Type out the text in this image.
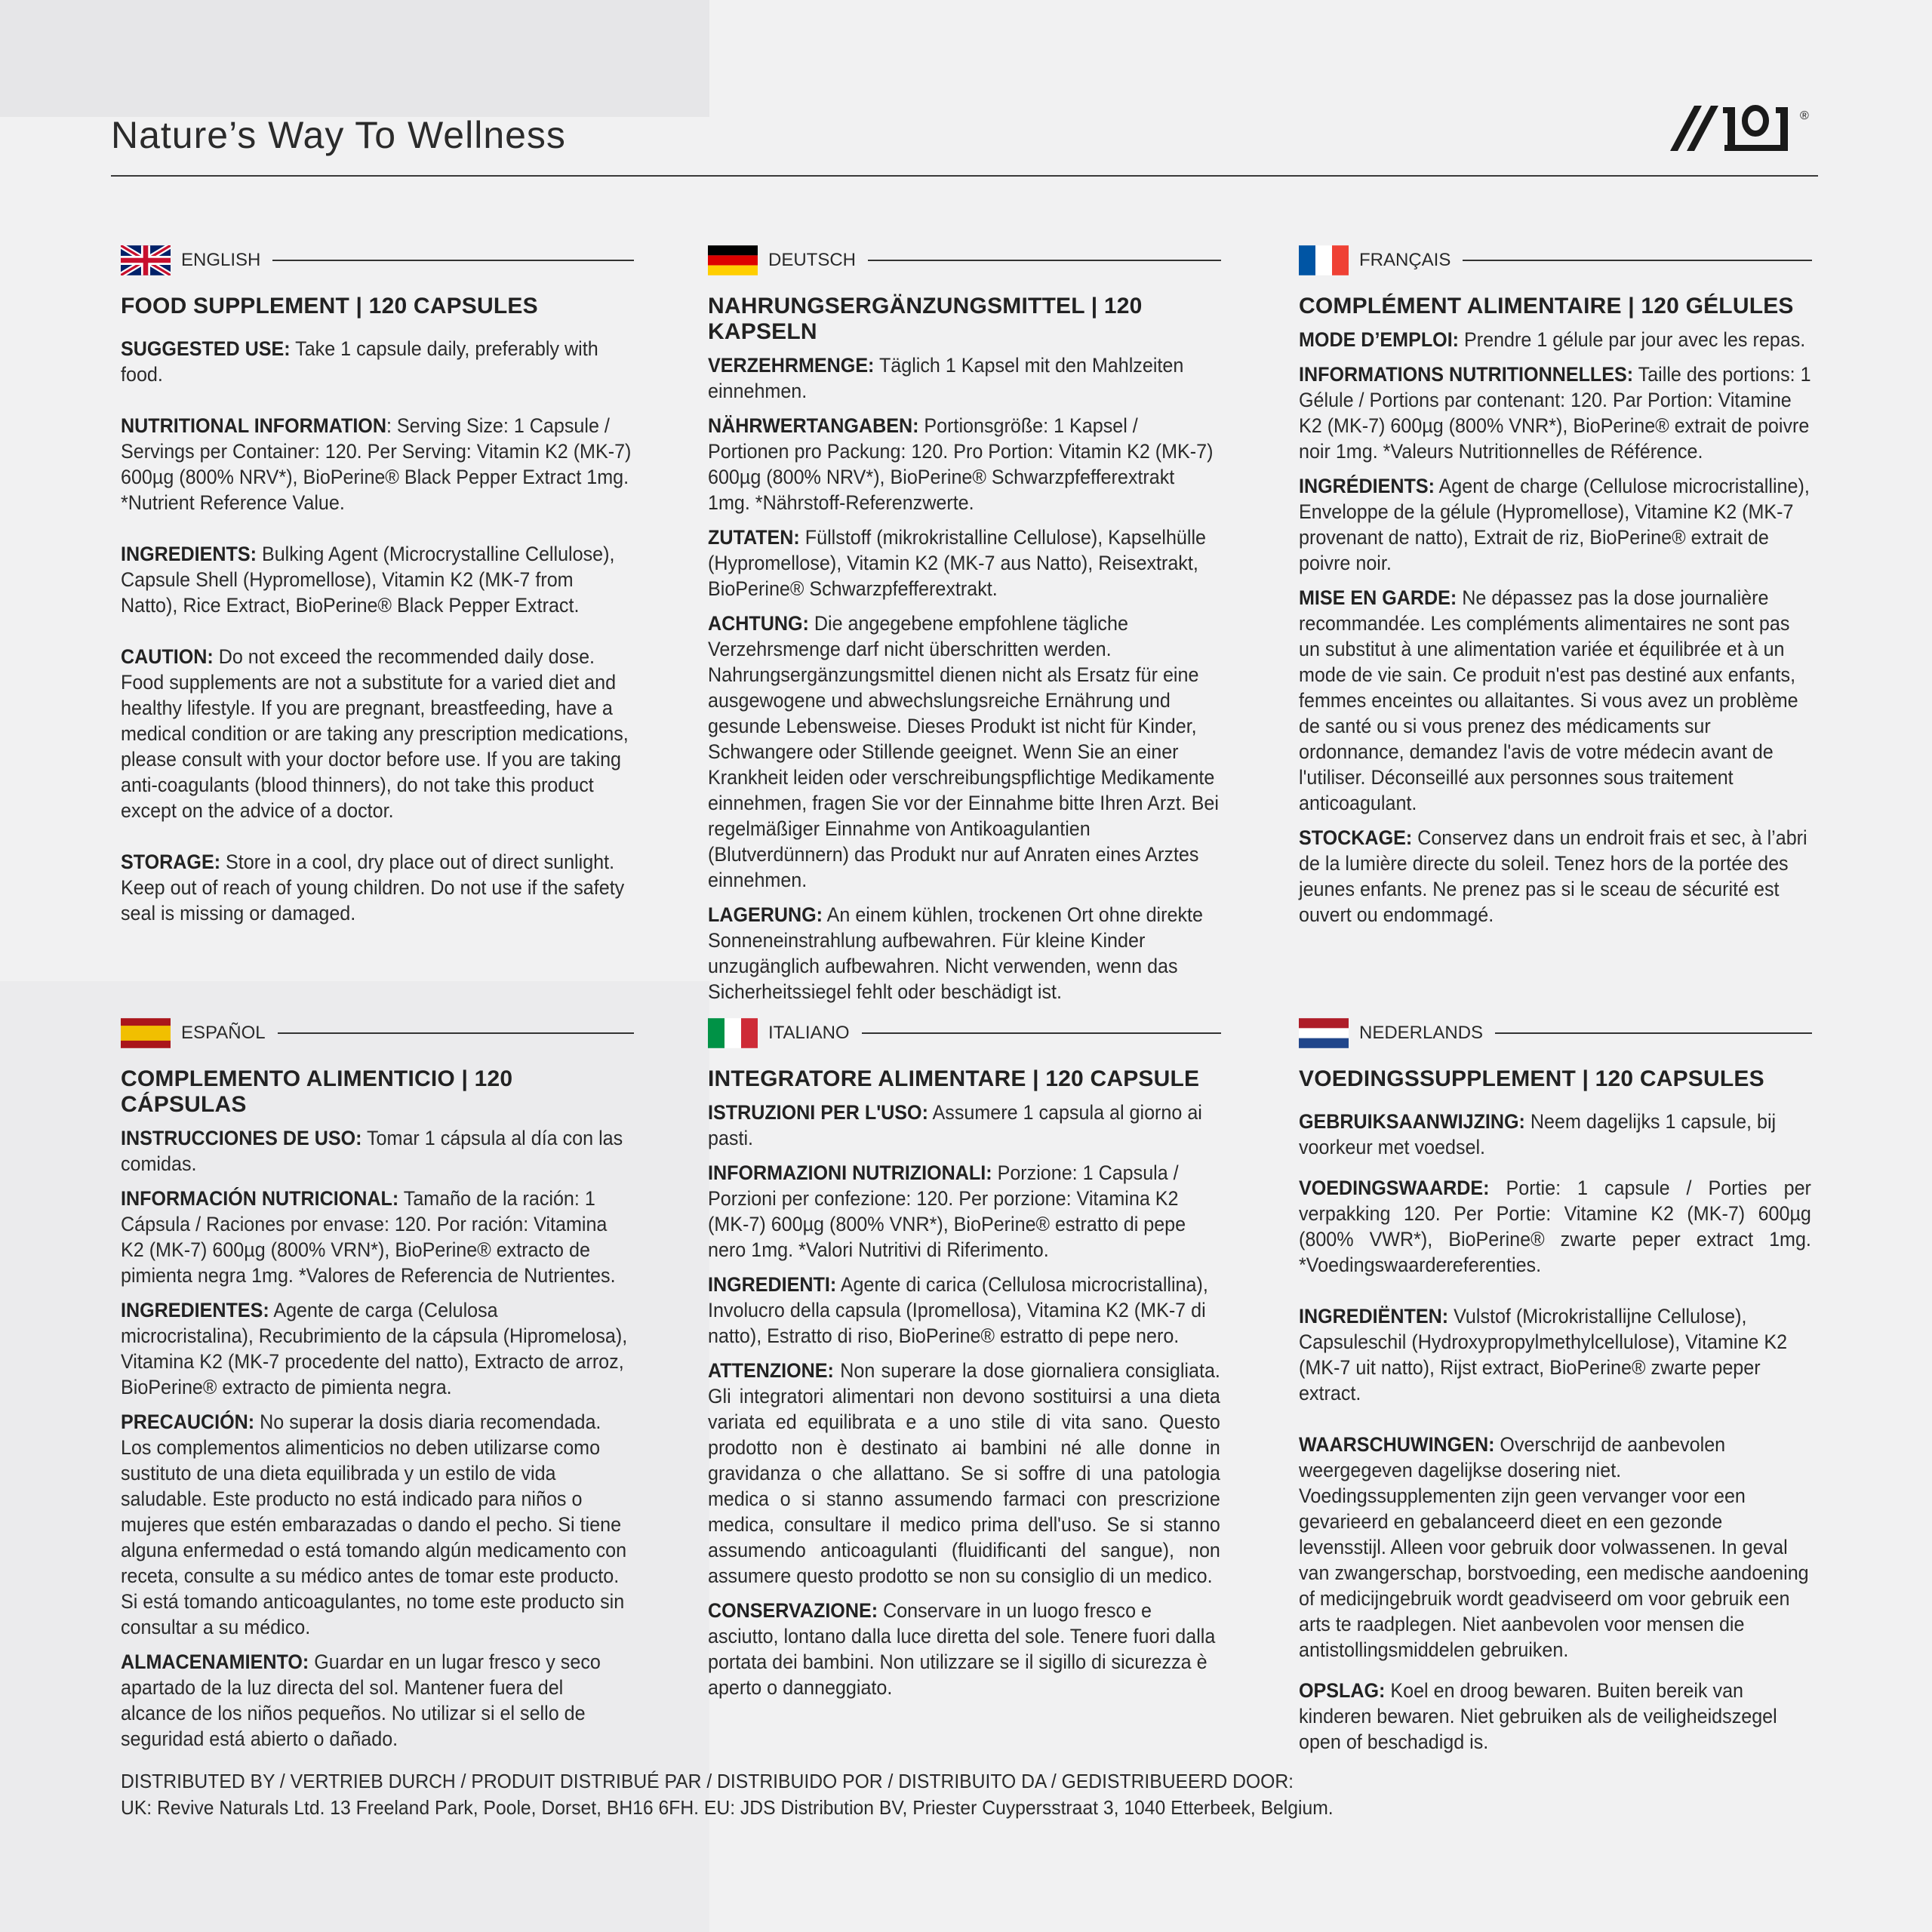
Nature’s Way To Wellness	®
ENGLISH
FOOD SUPPLEMENT | 120 CAPSULES
SUGGESTED USE: Take 1 capsule daily, preferably with food.
NUTRITIONAL INFORMATION: Serving Size: 1 Capsule / Servings per Container: 120. Per Serving: Vitamin K2 (MK-7) 600µg (800% NRV*), BioPerine® Black Pepper Extract 1mg. *Nutrient Reference Value.
INGREDIENTS: Bulking Agent (Microcrystalline Cellulose), Capsule Shell (Hypromellose), Vitamin K2 (MK-7 from Natto), Rice Extract, BioPerine® Black Pepper Extract.
CAUTION: Do not exceed the recommended daily dose. Food supplements are not a substitute for a varied diet and healthy lifestyle. If you are pregnant, breastfeeding, have a medical condition or are taking any prescription medications, please consult with your doctor before use. If you are taking anti-coagulants (blood thinners), do not take this product except on the advice of a doctor.
STORAGE: Store in a cool, dry place out of direct sunlight. Keep out of reach of young children. Do not use if the safety seal is missing or damaged.
DEUTSCH
NAHRUNGSERGÄNZUNGSMITTEL | 120 KAPSELN
VERZEHRMENGE: Täglich 1 Kapsel mit den Mahlzeiten einnehmen.
NÄHRWERTANGABEN: Portionsgröße: 1 Kapsel / Portionen pro Packung: 120. Pro Portion: Vitamin K2 (MK-7) 600µg (800% NRV*), BioPerine® Schwarzpfefferextrakt 1mg. *Nährstoff-Referenzwerte.
ZUTATEN: Füllstoff (mikrokristalline Cellulose), Kapselhülle (Hypromellose), Vitamin K2 (MK-7 aus Natto), Reisextrakt, BioPerine® Schwarzpfefferextrakt.
ACHTUNG: Die angegebene empfohlene tägliche Verzehrsmenge darf nicht überschritten werden. Nahrungsergänzungsmittel dienen nicht als Ersatz für eine ausgewogene und abwechslungsreiche Ernährung und gesunde Lebensweise. Dieses Produkt ist nicht für Kinder, Schwangere oder Stillende geeignet. Wenn Sie an einer Krankheit leiden oder verschreibungspflichtige Medikamente einnehmen, fragen Sie vor der Einnahme bitte Ihren Arzt. Bei regelmäßiger Einnahme von Antikoagulantien (Blutverdünnern) das Produkt nur auf Anraten eines Arztes einnehmen.
LAGERUNG: An einem kühlen, trockenen Ort ohne direkte Sonneneinstrahlung aufbewahren. Für kleine Kinder unzugänglich aufbewahren. Nicht verwenden, wenn das Sicherheitssiegel fehlt oder beschädigt ist.
FRANÇAIS
COMPLÉMENT ALIMENTAIRE | 120 GÉLULES
MODE D’EMPLOI: Prendre 1 gélule par jour avec les repas.
INFORMATIONS NUTRITIONNELLES: Taille des portions: 1 Gélule / Portions par contenant: 120. Par Portion: Vitamine K2 (MK-7) 600µg (800% VNR*), BioPerine® extrait de poivre noir 1mg. *Valeurs Nutritionnelles de Référence.
INGRÉDIENTS: Agent de charge (Cellulose microcristalline), Enveloppe de la gélule (Hypromellose), Vitamine K2 (MK-7 provenant de natto), Extrait de riz, BioPerine® extrait de poivre noir.
MISE EN GARDE: Ne dépassez pas la dose journalière recommandée. Les compléments alimentaires ne sont pas un substitut à une alimentation variée et équilibrée et à un mode de vie sain. Ce produit n'est pas destiné aux enfants, femmes enceintes ou allaitantes. Si vous avez un problème de santé ou si vous prenez des médicaments sur ordonnance, demandez l'avis de votre médecin avant de l'utiliser. Déconseillé aux personnes sous traitement anticoagulant.
STOCKAGE: Conservez dans un endroit frais et sec, à l’abri de la lumière directe du soleil. Tenez hors de la portée des jeunes enfants. Ne prenez pas si le sceau de sécurité est ouvert ou endommagé.
ESPAÑOL
COMPLEMENTO ALIMENTICIO | 120 CÁPSULAS
INSTRUCCIONES DE USO: Tomar 1 cápsula al día con las comidas.
INFORMACIÓN NUTRICIONAL: Tamaño de la ración: 1 Cápsula / Raciones por envase: 120. Por ración: Vitamina K2 (MK-7) 600µg (800% VRN*), BioPerine® extracto de pimienta negra 1mg. *Valores de Referencia de Nutrientes.
INGREDIENTES: Agente de carga (Celulosa microcristalina), Recubrimiento de la cápsula (Hipromelosa), Vitamina K2 (MK-7 procedente del natto), Extracto de arroz, BioPerine® extracto de pimienta negra.
PRECAUCIÓN: No superar la dosis diaria recomendada. Los complementos alimenticios no deben utilizarse como sustituto de una dieta equilibrada y un estilo de vida saludable. Este producto no está indicado para niños o mujeres que estén embarazadas o dando el pecho. Si tiene alguna enfermedad o está tomando algún medicamento con receta, consulte a su médico antes de tomar este producto. Si está tomando anticoagulantes, no tome este producto sin consultar a su médico.
ALMACENAMIENTO: Guardar en un lugar fresco y seco apartado de la luz directa del sol. Mantener fuera del alcance de los niños pequeños. No utilizar si el sello de seguridad está abierto o dañado.
ITALIANO
INTEGRATORE ALIMENTARE | 120 CAPSULE
ISTRUZIONI PER L'USO: Assumere 1 capsula al giorno ai pasti.
INFORMAZIONI NUTRIZIONALI: Porzione: 1 Capsula / Porzioni per confezione: 120. Per porzione: Vitamina K2 (MK-7) 600µg (800% VNR*), BioPerine® estratto di pepe nero 1mg. *Valori Nutritivi di Riferimento.
INGREDIENTI: Agente di carica (Cellulosa microcristallina), Involucro della capsula (Ipromellosa), Vitamina K2 (MK-7 di natto), Estratto di riso, BioPerine® estratto di pepe nero.
ATTENZIONE: Non superare la dose giornaliera consigliata. Gli integratori alimentari non devono sostituirsi a una dieta variata ed equilibrata e a uno stile di vita sano. Questo prodotto non è destinato ai bambini né alle donne in gravidanza o che allattano. Se si soffre di una patologia medica o si stanno assumendo farmaci con prescrizione medica, consultare il medico prima dell'uso. Se si stanno assumendo anticoagulanti (fluidificanti del sangue), non assumere questo prodotto se non su consiglio di un medico.
CONSERVAZIONE: Conservare in un luogo fresco e asciutto, lontano dalla luce diretta del sole. Tenere fuori dalla portata dei bambini. Non utilizzare se il sigillo di sicurezza è aperto o danneggiato.
NEDERLANDS
VOEDINGSSUPPLEMENT | 120 CAPSULES
GEBRUIKSAANWIJZING: Neem dagelijks 1 capsule, bij voorkeur met voedsel.
VOEDINGSWAARDE: Portie: 1 capsule / Porties per verpakking 120. Per Portie: Vitamine K2 (MK-7) 600µg (800% VWR*), BioPerine® zwarte peper extract 1mg. *Voedingswaardereferenties.
INGREDIËNTEN: Vulstof (Microkristallijne Cellulose), Capsuleschil (Hydroxypropylmethylcellulose), Vitamine K2 (MK-7 uit natto), Rijst extract, BioPerine® zwarte peper extract.
WAARSCHUWINGEN: Overschrijd de aanbevolen weergegeven dagelijkse dosering niet. Voedingssupplementen zijn geen vervanger voor een gevarieerd en gebalanceerd dieet en een gezonde levensstijl. Alleen voor gebruik door volwassenen. In geval van zwangerschap, borstvoeding, een medische aandoening of medicijngebruik wordt geadviseerd om voor gebruik een arts te raadplegen. Niet aanbevolen voor mensen die antistollingsmiddelen gebruiken.
OPSLAG: Koel en droog bewaren. Buiten bereik van kinderen bewaren. Niet gebruiken als de veiligheidszegel open of beschadigd is.
DISTRIBUTED BY / VERTRIEB DURCH / PRODUIT DISTRIBUÉ PAR / DISTRIBUIDO POR / DISTRIBUITO DA / GEDISTRIBUEERD DOOR:
UK: Revive Naturals Ltd. 13 Freeland Park, Poole, Dorset, BH16 6FH. EU: JDS Distribution BV, Priester Cuypersstraat 3, 1040 Etterbeek, Belgium.
